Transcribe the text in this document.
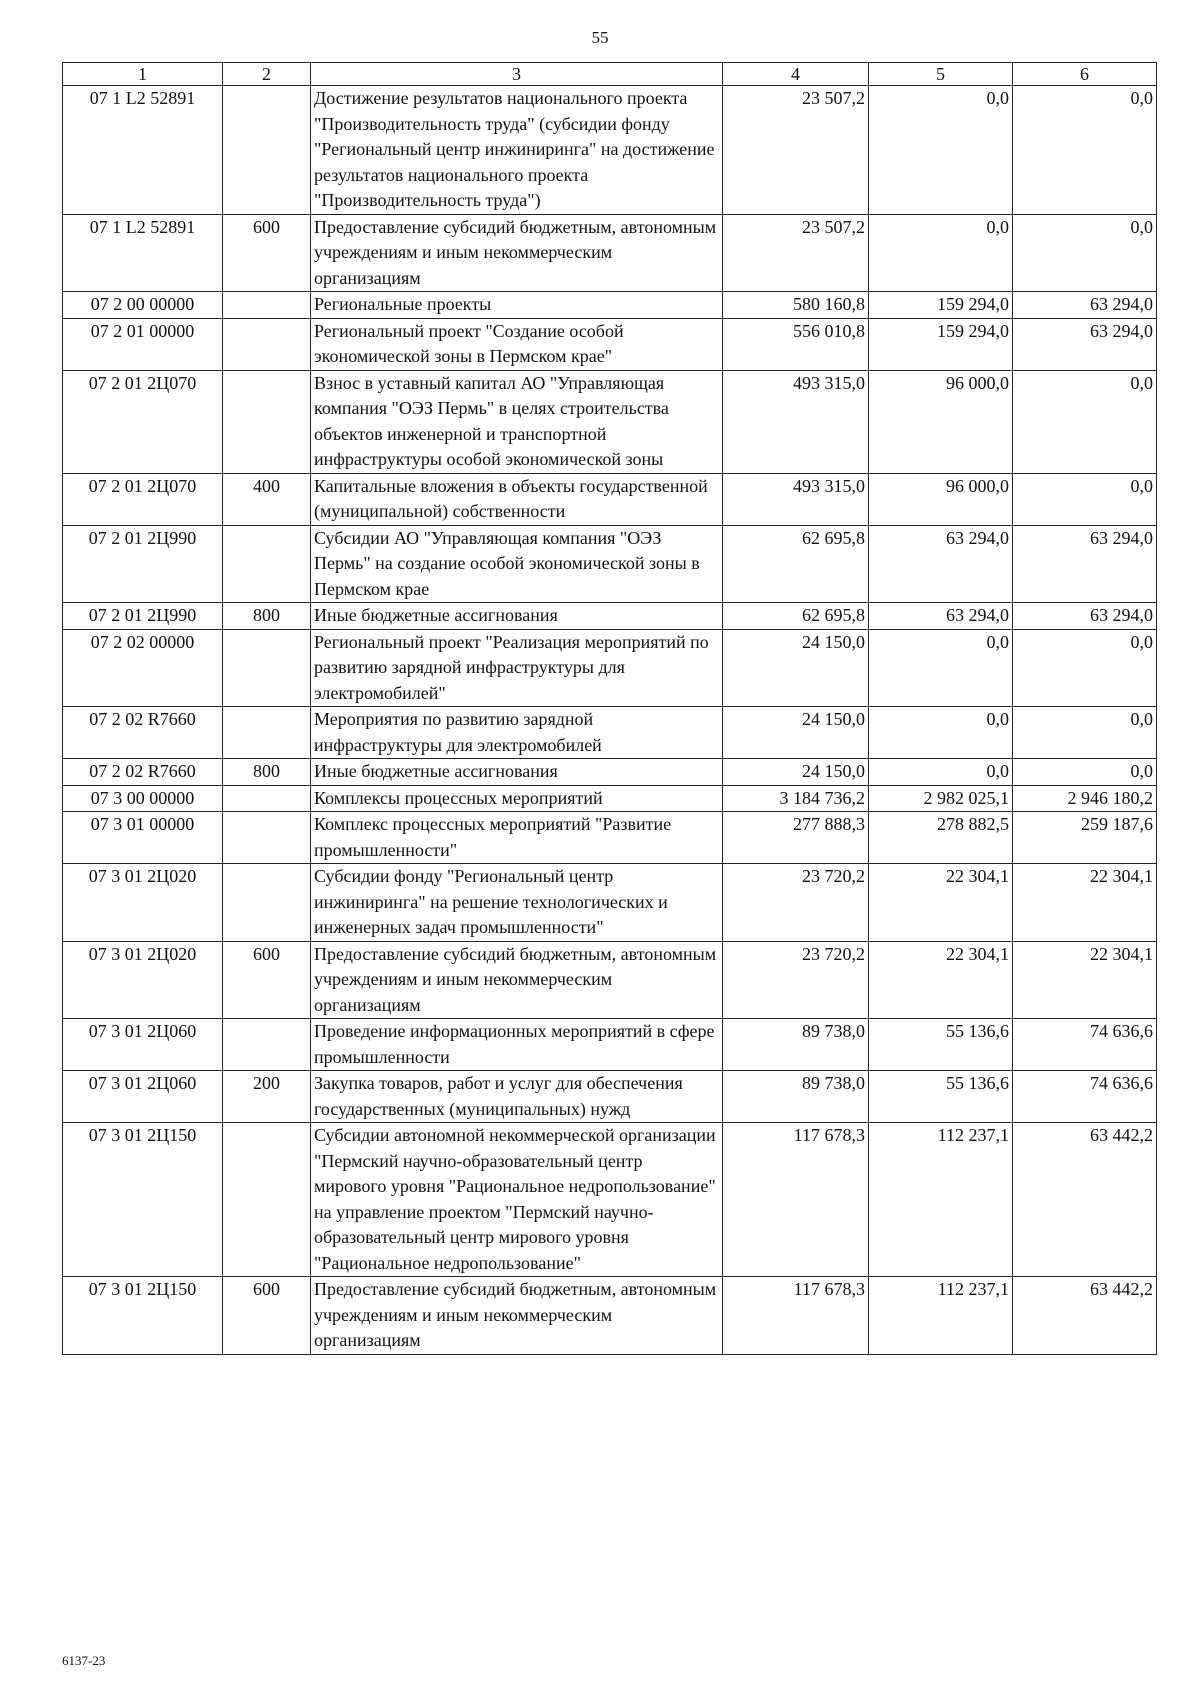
55
1	2	3	4	5	6
07 1 L2 52891		Достижение результатов национального проекта "Производительность труда" (субсидии фонду "Региональный центр инжиниринга" на достижение результатов национального проекта "Производительность труда")	23 507,2	0,0	0,0
07 1 L2 52891	600	Предоставление субсидий бюджетным, автономным учреждениям и иным некоммерческим организациям	23 507,2	0,0	0,0
07 2 00 00000		Региональные проекты	580 160,8	159 294,0	63 294,0
07 2 01 00000		Региональный проект "Создание особой экономической зоны в Пермском крае"	556 010,8	159 294,0	63 294,0
07 2 01 2Ц070		Взнос в уставный капитал АО "Управляющая компания "ОЭЗ Пермь" в целях строительства объектов инженерной и транспортной инфраструктуры особой экономической зоны	493 315,0	96 000,0	0,0
07 2 01 2Ц070	400	Капитальные вложения в объекты государственной (муниципальной) собственности	493 315,0	96 000,0	0,0
07 2 01 2Ц990		Субсидии АО "Управляющая компания "ОЭЗ Пермь" на создание особой экономической зоны в Пермском крае	62 695,8	63 294,0	63 294,0
07 2 01 2Ц990	800	Иные бюджетные ассигнования	62 695,8	63 294,0	63 294,0
07 2 02 00000		Региональный проект "Реализация мероприятий по развитию зарядной инфраструктуры для электромобилей"	24 150,0	0,0	0,0
07 2 02 R7660		Мероприятия по развитию зарядной инфраструктуры для электромобилей	24 150,0	0,0	0,0
07 2 02 R7660	800	Иные бюджетные ассигнования	24 150,0	0,0	0,0
07 3 00 00000		Комплексы процессных мероприятий	3 184 736,2	2 982 025,1	2 946 180,2
07 3 01 00000		Комплекс процессных мероприятий "Развитие промышленности"	277 888,3	278 882,5	259 187,6
07 3 01 2Ц020		Субсидии фонду "Региональный центр инжиниринга" на решение технологических и инженерных задач промышленности"	23 720,2	22 304,1	22 304,1
07 3 01 2Ц020	600	Предоставление субсидий бюджетным, автономным учреждениям и иным некоммерческим организациям	23 720,2	22 304,1	22 304,1
07 3 01 2Ц060		Проведение информационных мероприятий в сфере промышленности	89 738,0	55 136,6	74 636,6
07 3 01 2Ц060	200	Закупка товаров, работ и услуг для обеспечения государственных (муниципальных) нужд	89 738,0	55 136,6	74 636,6
07 3 01 2Ц150		Субсидии автономной некоммерческой организации "Пермский научно-образовательный центр мирового уровня "Рациональное недропользование" на управление проектом "Пермский научно-образовательный центр мирового уровня "Рациональное недропользование"	117 678,3	112 237,1	63 442,2
07 3 01 2Ц150	600	Предоставление субсидий бюджетным, автономным учреждениям и иным некоммерческим организациям	117 678,3	112 237,1	63 442,2
6137-23
